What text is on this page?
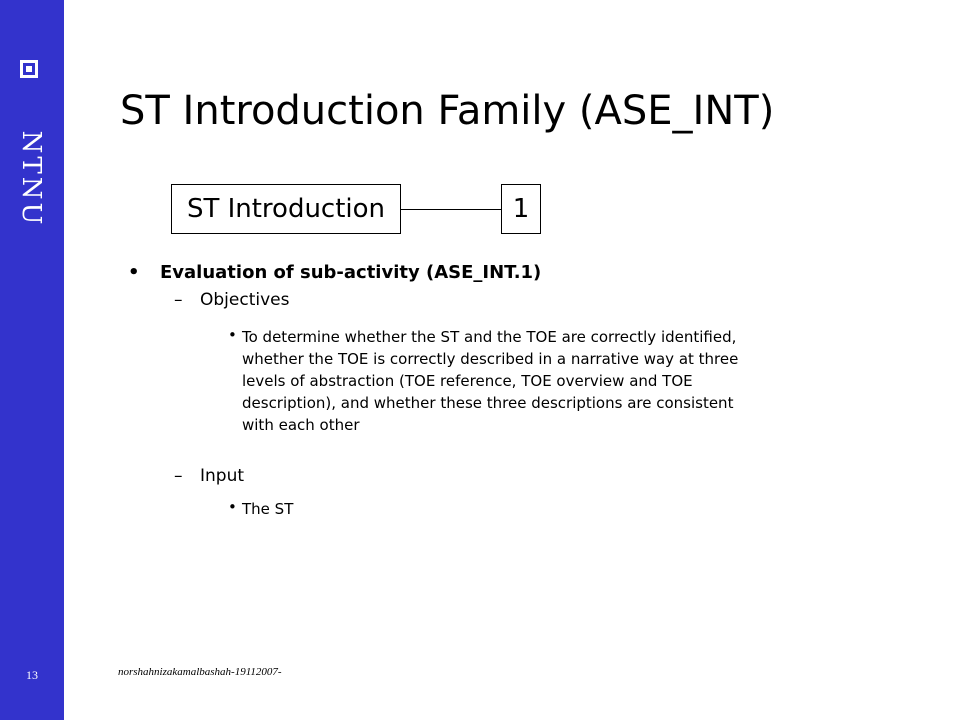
NTNU
13
ST Introduction Family (ASE_INT)
ST Introduction	1
• Evaluation of sub-activity (ASE_INT.1)
– Objectives
• To determine whether the ST and the TOE are correctly identified,
whether the TOE is correctly described in a narrative way at three
levels of abstraction (TOE reference, TOE overview and TOE
description), and whether these three descriptions are consistent
with each other
– Input
• The ST
norshahnizakamalbashah-19112007-
